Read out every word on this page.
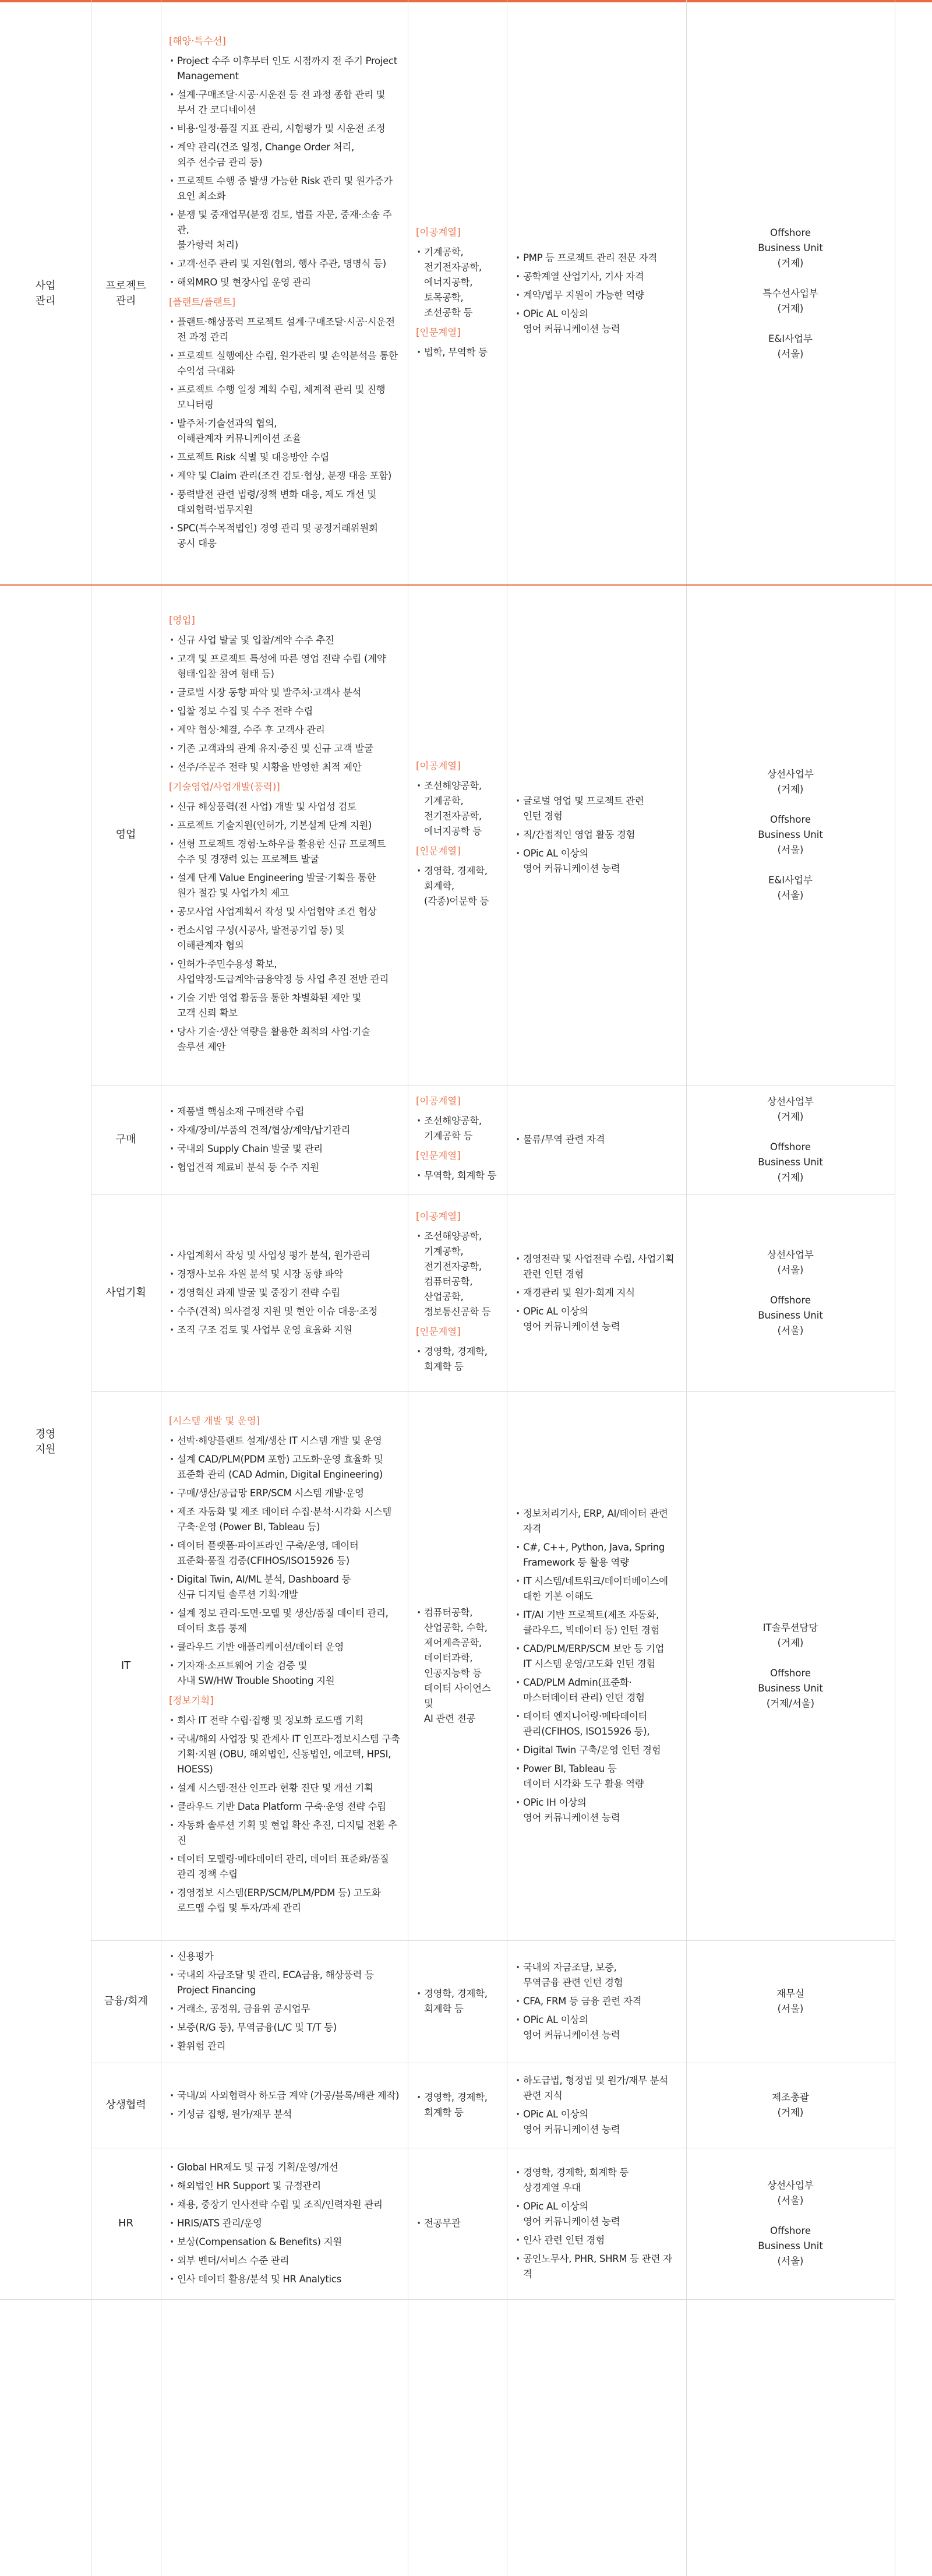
사업
관리
경영
지원
프로젝트
관리
[해양·특수선]
· Project 수주 이후부터 인도 시점까지 전 주기 Project
Management
· 설계·구매조달·시공·시운전 등 전 과정 종합 관리 및
부서 간 코디네이션
· 비용·일정·품질 지표 관리, 시험평가 및 시운전 조정
· 계약 관리(건조 일정, Change Order 처리,
외주 선수금 관리 등)
· 프로젝트 수행 중 발생 가능한 Risk 관리 및 원가증가
요인 최소화
· 분쟁 및 중재업무(분쟁 검토, 법률 자문, 중재·소송 주관,
불가항력 처리)
· 고객·선주 관리 및 지원(협의, 행사 주관, 명명식 등)
· 해외MRO 및 현장사업 운영 관리
[플랜트/플랜트]
· 플랜트·해상풍력 프로젝트 설계·구매조달·시공·시운전
전 과정 관리
· 프로젝트 실행예산 수립, 원가관리 및 손익분석을 통한
수익성 극대화
· 프로젝트 수행 일정 계획 수립, 체계적 관리 및 진행
모니터링
· 발주처·기술선과의 협의,
이해관계자 커뮤니케이션 조율
· 프로젝트 Risk 식별 및 대응방안 수립
· 계약 및 Claim 관리(조건 검토·협상, 분쟁 대응 포함)
· 풍력발전 관련 법령/정책 변화 대응, 제도 개선 및
대외협력·법무지원
· SPC(특수목적법인) 경영 관리 및 공정거래위원회
공시 대응
[이공계열]
· 기계공학,
전기전자공학,
에너지공학,
토목공학,
조선공학 등
[인문계열]
· 법학, 무역학 등
· PMP 등 프로젝트 관리 전문 자격
· 공학계열 산업기사, 기사 자격
· 계약/법무 지원이 가능한 역량
· OPic AL 이상의
영어 커뮤니케이션 능력
Offshore
Business Unit
(거제)
특수선사업부
(거제)
E&I사업부
(서울)
영업
[영업]
· 신규 사업 발굴 및 입찰/계약 수주 추진
· 고객 및 프로젝트 특성에 따른 영업 전략 수립 (계약
형태·입찰 참여 형태 등)
· 글로벌 시장 동향 파악 및 발주처·고객사 분석
· 입찰 정보 수집 및 수주 전략 수립
· 계약 협상·체결, 수주 후 고객사 관리
· 기존 고객과의 관계 유지·증진 및 신규 고객 발굴
· 선주/주문주 전략 및 시황을 반영한 최적 제안
[기술영업/사업개발(풍력)]
· 신규 해상풍력(전 사업) 개발 및 사업성 검토
· 프로젝트 기술지원(인허가, 기본설계 단계 지원)
· 선형 프로젝트 경험·노하우를 활용한 신규 프로젝트
수주 및 경쟁력 있는 프로젝트 발굴
· 설계 단계 Value Engineering 발굴·기획을 통한
원가 절감 및 사업가치 제고
· 공모사업 사업계획서 작성 및 사업협약 조건 협상
· 컨소시엄 구성(시공사, 발전공기업 등) 및
이해관계자 협의
· 인허가·주민수용성 확보,
사업약정·도급계약·금융약정 등 사업 추진 전반 관리
· 기술 기반 영업 활동을 통한 차별화된 제안 및
고객 신뢰 확보
· 당사 기술·생산 역량을 활용한 최적의 사업·기술
솔루션 제안
[이공계열]
· 조선해양공학,
기계공학,
전기전자공학,
에너지공학 등
[인문계열]
· 경영학, 경제학,
회계학,
(각종)어문학 등
· 글로벌 영업 및 프로젝트 관련
인턴 경험
· 직/간접적인 영업 활동 경험
· OPic AL 이상의
영어 커뮤니케이션 능력
상선사업부
(거제)
Offshore
Business Unit
(서울)
E&I사업부
(서울)
구매
· 제품별 핵심소재 구매전략 수립
· 자재/장비/부품의 견적/협상/계약/납기관리
· 국내외 Supply Chain 발굴 및 관리
· 협업견적 제료비 분석 등 수주 지원
[이공계열]
· 조선해양공학,
기계공학 등
[인문계열]
· 무역학, 회계학 등
· 물류/무역 관련 자격
상선사업부
(거제)
Offshore
Business Unit
(거제)
사업기획
· 사업계획서 작성 및 사업성 평가 분석, 원가관리
· 경쟁사·보유 자원 분석 및 시장 동향 파악
· 경영혁신 과제 발굴 및 중장기 전략 수립
· 수주(견적) 의사결정 지원 및 현안 이슈 대응·조정
· 조직 구조 검토 및 사업부 운영 효율화 지원
[이공계열]
· 조선해양공학,
기계공학,
전기전자공학,
컴퓨터공학,
산업공학,
정보통신공학 등
[인문계열]
· 경영학, 경제학,
회계학 등
· 경영전략 및 사업전략 수립, 사업기획
관련 인턴 경험
· 재경관리 및 원가·회계 지식
· OPic AL 이상의
영어 커뮤니케이션 능력
상선사업부
(서울)
Offshore
Business Unit
(서울)
IT
[시스템 개발 및 운영]
· 선박·해양플랜트 설계/생산 IT 시스템 개발 및 운영
· 설계 CAD/PLM(PDM 포함) 고도화·운영 효율화 및
표준화 관리 (CAD Admin, Digital Engineering)
· 구매/생산/공급망 ERP/SCM 시스템 개발·운영
· 제조 자동화 및 제조 데이터 수집·분석·시각화 시스템
구축·운영 (Power BI, Tableau 등)
· 데이터 플랫폼·파이프라인 구축/운영, 데이터
표준화·품질 검증(CFIHOS/ISO15926 등)
· Digital Twin, AI/ML 분석, Dashboard 등
신규 디지털 솔루션 기획·개발
· 설계 정보 관리·도면·모델 및 생산/품질 데이터 관리,
데이터 흐름 통제
· 클라우드 기반 애플리케이션/데이터 운영
· 기자재·소프트웨어 기술 검증 및
사내 SW/HW Trouble Shooting 지원
[정보기획]
· 회사 IT 전략 수립·집행 및 정보화 로드맵 기획
· 국내/해외 사업장 및 관계사 IT 인프라·정보시스템 구축
기획·지원 (OBU, 해외법인, 신동법인, 에코텍, HPSI,
HOESS)
· 설계 시스템·전산 인프라 현황 진단 및 개선 기획
· 클라우드 기반 Data Platform 구축·운영 전략 수립
· 자동화 솔루션 기획 및 현업 확산 추진, 디지털 전환 추진
· 데이터 모델링·메타데이터 관리, 데이터 표준화/품질
관리 정책 수립
· 경영정보 시스템(ERP/SCM/PLM/PDM 등) 고도화
로드맵 수립 및 투자/과제 관리
· 컴퓨터공학,
산업공학, 수학,
제어계측공학,
데이터과학,
인공지능학 등
데이터 사이언스 및
AI 관련 전공
· 정보처리기사, ERP, AI/데이터 관련
자격
· C#, C++, Python, Java, Spring
Framework 등 활용 역량
· IT 시스템/네트워크/데이터베이스에
대한 기본 이해도
· IT/AI 기반 프로젝트(제조 자동화,
클라우드, 빅데이터 등) 인턴 경험
· CAD/PLM/ERP/SCM 보안 등 기업
IT 시스템 운영/고도화 인턴 경험
· CAD/PLM Admin(표준화·
마스터데이터 관리) 인턴 경험
· 데이터 엔지니어링·메타데이터
관리(CFIHOS, ISO15926 등),
· Digital Twin 구축/운영 인턴 경험
· Power BI, Tableau 등
데이터 시각화 도구 활용 역량
· OPic IH 이상의
영어 커뮤니케이션 능력
IT솔루션담당
(거제)
Offshore
Business Unit
(거제/서울)
금융/회계
· 신용평가
· 국내외 자금조달 및 관리, ECA금융, 해상풍력 등
Project Financing
· 거래소, 공정위, 금융위 공시업무
· 보증(R/G 등), 무역금융(L/C 및 T/T 등)
· 환위험 관리
· 경영학, 경제학,
회계학 등
· 국내외 자금조달, 보증,
무역금융 관련 인턴 경험
· CFA, FRM 등 금융 관련 자격
· OPic AL 이상의
영어 커뮤니케이션 능력
재무실
(서울)
상생협력
· 국내/외 사외협력사 하도급 계약 (가공/블록/배관 제작)
· 기성금 집행, 원가/재무 분석
· 경영학, 경제학,
회계학 등
· 하도급법, 형정법 및 원가/재무 분석
관련 지식
· OPic AL 이상의
영어 커뮤니케이션 능력
제조총괄
(거제)
HR
· Global HR제도 및 규정 기획/운영/개선
· 해외법인 HR Support 및 규정관리
· 채용, 중장기 인사전략 수립 및 조직/인력자원 관리
· HRIS/ATS 관리/운영
· 보상(Compensation & Benefits) 지원
· 외부 벤더/서비스 수준 관리
· 인사 데이터 활용/분석 및 HR Analytics
· 전공무관
· 경영학, 경제학, 회계학 등
상경계열 우대
· OPic AL 이상의
영어 커뮤니케이션 능력
· 인사 관련 인턴 경험
· 공인노무사, PHR, SHRM 등 관련 자격
상선사업부
(서울)
Offshore
Business Unit
(서울)
